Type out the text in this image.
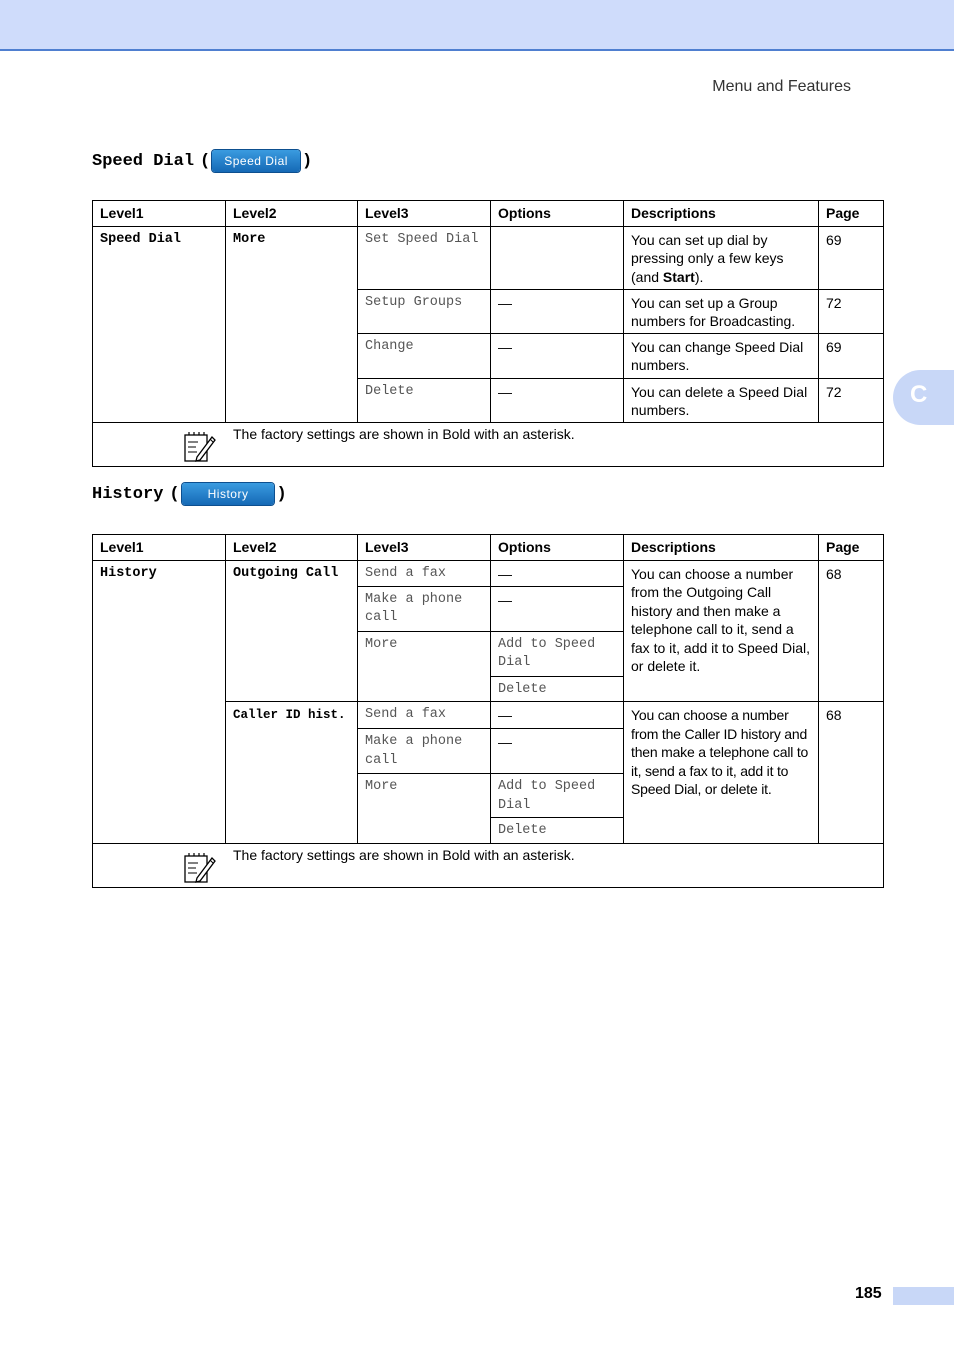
Menu and Features
C
Speed Dial (	Speed Dial )
Level1	Level2	Level3	Options	Descriptions	Page
Speed Dial	More	Set Speed Dial		You can set up dial by pressing only a few keys (and Start).	69
		Setup Groups	—	You can set up a Group numbers for Broadcasting.	72
		Change	—	You can change Speed Dial numbers.	69
		Delete	—	You can delete a Speed Dial numbers.	72

The factory settings are shown in Bold with an asterisk.					
History (	History	)
Level1	Level2	Level3	Options	Descriptions	Page
History	Outgoing Call	Send a fax	—	You can choose a number from the Outgoing Call history and then make a telephone call to it, send a fax to it, add it to Speed Dial, or delete it.	68
		Make a phone call	—		
		More	Add to Speed Dial		
			Delete		
	Caller ID hist.	Send a fax	—	You can choose a number from the Caller ID history and then make a telephone call to it, send a fax to it, add it to Speed Dial, or delete it.	68
		Make a phone call	—		
		More	Add to Speed Dial		
			Delete		

The factory settings are shown in Bold with an asterisk.					
185
